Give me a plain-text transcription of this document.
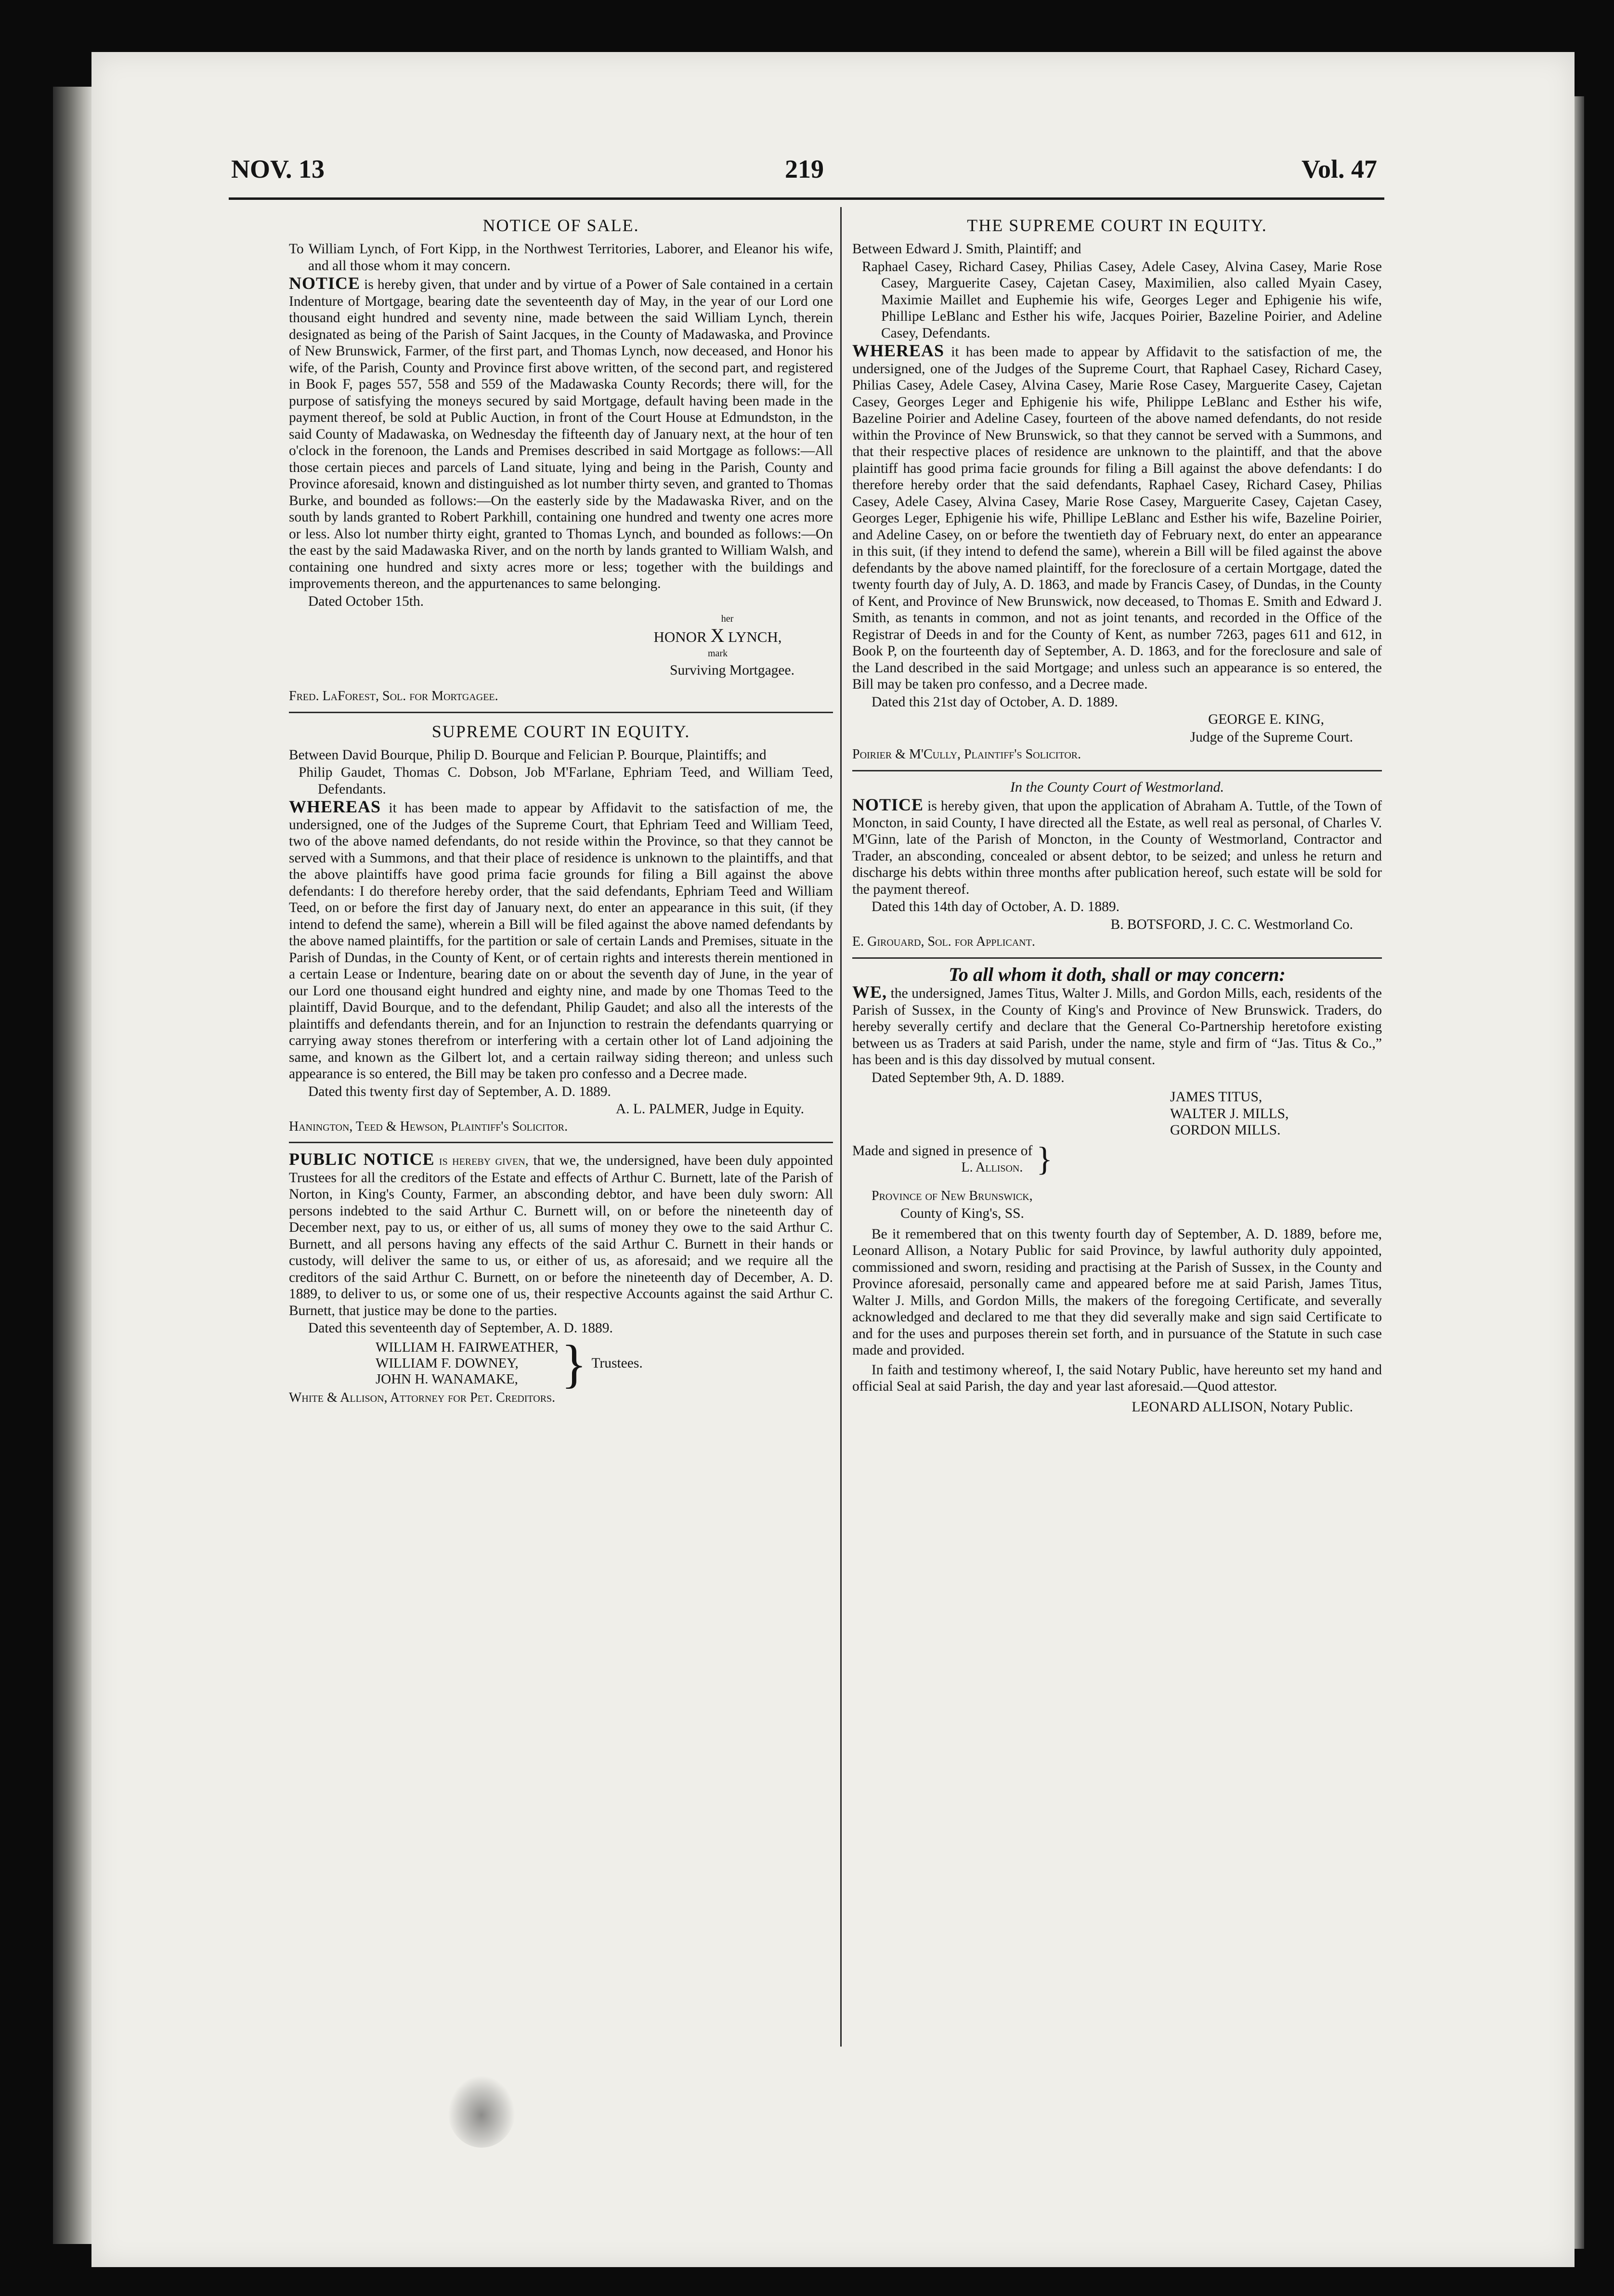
NOV. 13	219	Vol. 47
NOTICE OF SALE.

To William Lynch, of Fort Kipp, in the Northwest Territories, Laborer, and Eleanor his wife, and all those whom it may concern.

NOTICE is hereby given, that under and by virtue of a Power of Sale contained in a certain Indenture of Mortgage, bearing date the seventeenth day of May, in the year of our Lord one thousand eight hundred and seventy nine, made between the said William Lynch, therein designated as being of the Parish of Saint Jacques, in the County of Madawaska, and Province of New Brunswick, Farmer, of the first part, and Thomas Lynch, now deceased, and Honor his wife, of the Parish, County and Province first above written, of the second part, and registered in Book F, pages 557, 558 and 559 of the Madawaska County Records; there will, for the purpose of satisfying the moneys secured by said Mortgage, default having been made in the payment thereof, be sold at Public Auction, in front of the Court House at Edmundston, in the said County of Madawaska, on Wednesday the fifteenth day of January next, at the hour of ten o'clock in the forenoon, the Lands and Premises described in said Mortgage as follows:—All those certain pieces and parcels of Land situate, lying and being in the Parish, County and Province aforesaid, known and distinguished as lot number thirty seven, and granted to Thomas Burke, and bounded as follows:—On the easterly side by the Madawaska River, and on the south by lands granted to Robert Parkhill, containing one hundred and twenty one acres more or less. Also lot number thirty eight, granted to Thomas Lynch, and bounded as follows:—On the east by the said Madawaska River, and on the north by lands granted to William Walsh, and containing one hundred and sixty acres more or less; together with the buildings and improvements thereon, and the appurtenances to same belonging.

Dated October 15th.

her
HONOR X LYNCH,
mark
Surviving Mortgagee.

Fred. LaForest, Sol. for Mortgagee.

SUPREME COURT IN EQUITY.

Between David Bourque, Philip D. Bourque and Felician P. Bourque, Plaintiffs; and

Philip Gaudet, Thomas C. Dobson, Job M'Farlane, Ephriam Teed, and William Teed, Defendants.

WHEREAS it has been made to appear by Affidavit to the satisfaction of me, the undersigned, one of the Judges of the Supreme Court, that Ephriam Teed and William Teed, two of the above named defendants, do not reside within the Province, so that they cannot be served with a Summons, and that their place of residence is unknown to the plaintiffs, and that the above plaintiffs have good prima facie grounds for filing a Bill against the above defendants: I do therefore hereby order, that the said defendants, Ephriam Teed and William Teed, on or before the first day of January next, do enter an appearance in this suit, (if they intend to defend the same), wherein a Bill will be filed against the above named defendants by the above named plaintiffs, for the partition or sale of certain Lands and Premises, situate in the Parish of Dundas, in the County of Kent, or of certain rights and interests therein mentioned in a certain Lease or Indenture, bearing date on or about the seventh day of June, in the year of our Lord one thousand eight hundred and eighty nine, and made by one Thomas Teed to the plaintiff, David Bourque, and to the defendant, Philip Gaudet; and also all the interests of the plaintiffs and defendants therein, and for an Injunction to restrain the defendants quarrying or carrying away stones therefrom or interfering with a certain other lot of Land adjoining the same, and known as the Gilbert lot, and a certain railway siding thereon; and unless such appearance is so entered, the Bill may be taken pro confesso and a Decree made.

Dated this twenty first day of September, A. D. 1889.

A. L. PALMER, Judge in Equity.

Hanington, Teed & Hewson, Plaintiff's Solicitor.

PUBLIC NOTICE is hereby given, that we, the undersigned, have been duly appointed Trustees for all the creditors of the Estate and effects of Arthur C. Burnett, late of the Parish of Norton, in King's County, Farmer, an absconding debtor, and have been duly sworn: All persons indebted to the said Arthur C. Burnett will, on or before the nineteenth day of December next, pay to us, or either of us, all sums of money they owe to the said Arthur C. Burnett, and all persons having any effects of the said Arthur C. Burnett in their hands or custody, will deliver the same to us, or either of us, as aforesaid; and we require all the creditors of the said Arthur C. Burnett, on or before the nineteenth day of December, A. D. 1889, to deliver to us, or some one of us, their respective Accounts against the said Arthur C. Burnett, that justice may be done to the parties.

Dated this seventeenth day of September, A. D. 1889.

WILLIAM H. FAIRWEATHER,
WILLIAM F. DOWNEY,
JOHN H. WANAMAKE, } Trustees.

White & Allison, Attorney for Pet. Creditors.

THE SUPREME COURT IN EQUITY.

Between Edward J. Smith, Plaintiff; and

Raphael Casey, Richard Casey, Philias Casey, Adele Casey, Alvina Casey, Marie Rose Casey, Marguerite Casey, Cajetan Casey, Maximilien, also called Myain Casey, Maximie Maillet and Euphemie his wife, Georges Leger and Ephigenie his wife, Phillipe LeBlanc and Esther his wife, Jacques Poirier, Bazeline Poirier, and Adeline Casey, Defendants.

WHEREAS it has been made to appear by Affidavit to the satisfaction of me, the undersigned, one of the Judges of the Supreme Court, that Raphael Casey, Richard Casey, Philias Casey, Adele Casey, Alvina Casey, Marie Rose Casey, Marguerite Casey, Cajetan Casey, Georges Leger and Ephigenie his wife, Philippe LeBlanc and Esther his wife, Bazeline Poirier and Adeline Casey, fourteen of the above named defendants, do not reside within the Province of New Brunswick, so that they cannot be served with a Summons, and that their respective places of residence are unknown to the plaintiff, and that the above plaintiff has good prima facie grounds for filing a Bill against the above defendants: I do therefore hereby order that the said defendants, Raphael Casey, Richard Casey, Philias Casey, Adele Casey, Alvina Casey, Marie Rose Casey, Marguerite Casey, Cajetan Casey, Georges Leger, Ephigenie his wife, Phillipe LeBlanc and Esther his wife, Bazeline Poirier, and Adeline Casey, on or before the twentieth day of February next, do enter an appearance in this suit, (if they intend to defend the same), wherein a Bill will be filed against the above defendants by the above named plaintiff, for the foreclosure of a certain Mortgage, dated the twenty fourth day of July, A. D. 1863, and made by Francis Casey, of Dundas, in the County of Kent, and Province of New Brunswick, now deceased, to Thomas E. Smith and Edward J. Smith, as tenants in common, and not as joint tenants, and recorded in the Office of the Registrar of Deeds in and for the County of Kent, as number 7263, pages 611 and 612, in Book P, on the fourteenth day of September, A. D. 1863, and for the foreclosure and sale of the Land described in the said Mortgage; and unless such an appearance is so entered, the Bill may be taken pro confesso, and a Decree made.

Dated this 21st day of October, A. D. 1889.

GEORGE E. KING,

Judge of the Supreme Court.

Poirier & M'Cully, Plaintiff's Solicitor.

In the County Court of Westmorland.

NOTICE is hereby given, that upon the application of Abraham A. Tuttle, of the Town of Moncton, in said County, I have directed all the Estate, as well real as personal, of Charles V. M'Ginn, late of the Parish of Moncton, in the County of Westmorland, Contractor and Trader, an absconding, concealed or absent debtor, to be seized; and unless he return and discharge his debts within three months after publication hereof, such estate will be sold for the payment thereof.

Dated this 14th day of October, A. D. 1889.

B. BOTSFORD, J. C. C. Westmorland Co.

E. Girouard, Sol. for Applicant.

To all whom it doth, shall or may concern:

WE, the undersigned, James Titus, Walter J. Mills, and Gordon Mills, each, residents of the Parish of Sussex, in the County of King's and Province of New Brunswick. Traders, do hereby severally certify and declare that the General Co-Partnership heretofore existing between us as Traders at said Parish, under the name, style and firm of “Jas. Titus & Co.,” has been and is this day dissolved by mutual consent.

Dated September 9th, A. D. 1889.

JAMES TITUS,
WALTER J. MILLS,
GORDON MILLS.
Made and signed in presence of
L. Allison. }

Province of New Brunswick,

County of King's, SS.

Be it remembered that on this twenty fourth day of September, A. D. 1889, before me, Leonard Allison, a Notary Public for said Province, by lawful authority duly appointed, commissioned and sworn, residing and practising at the Parish of Sussex, in the County and Province aforesaid, personally came and appeared before me at said Parish, James Titus, Walter J. Mills, and Gordon Mills, the makers of the foregoing Certificate, and severally acknowledged and declared to me that they did severally make and sign said Certificate to and for the uses and purposes therein set forth, and in pursuance of the Statute in such case made and provided.

In faith and testimony whereof, I, the said Notary Public, have hereunto set my hand and official Seal at said Parish, the day and year last aforesaid.—Quod attestor.

LEONARD ALLISON, Notary Public.
